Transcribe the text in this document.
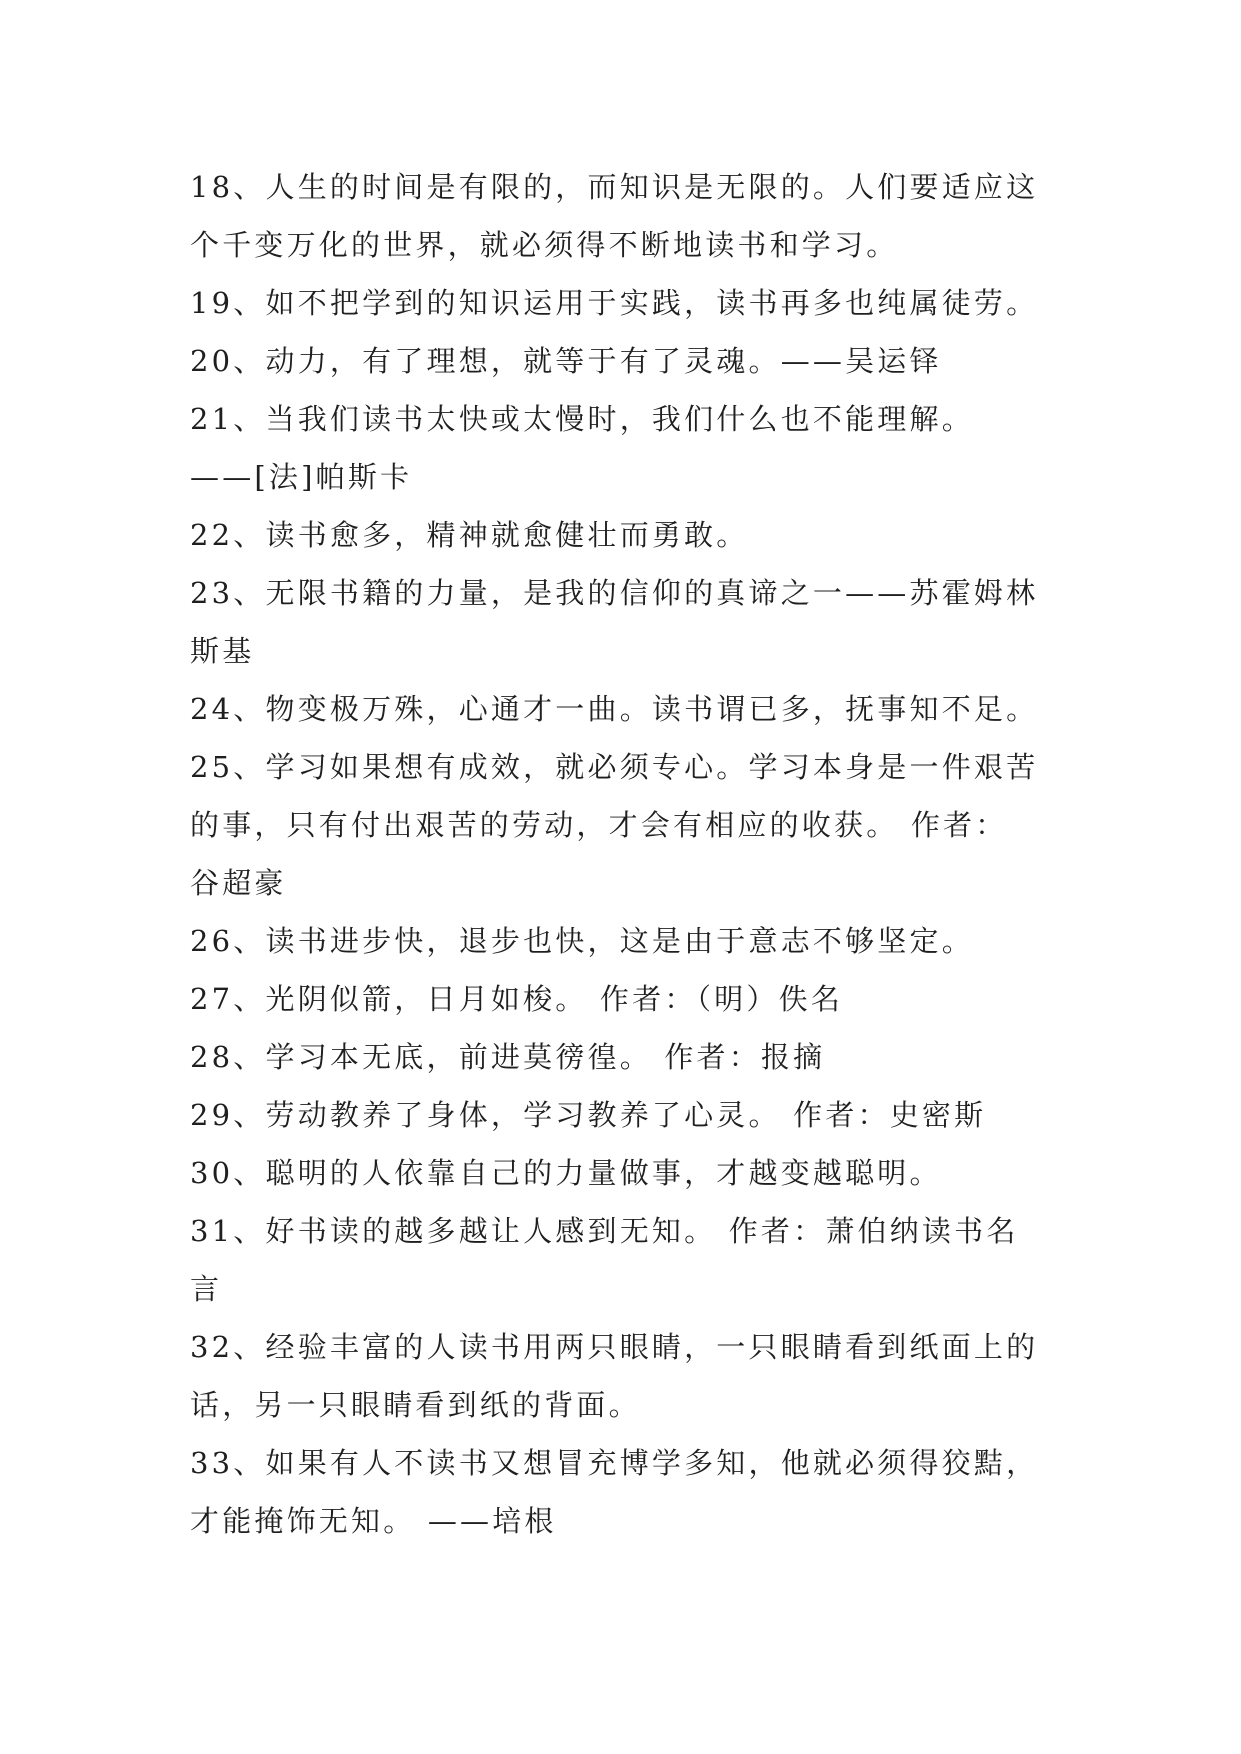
18、人生的时间是有限的，而知识是无限的。人们要适应这
个千变万化的世界，就必须得不断地读书和学习。
19、如不把学到的知识运用于实践，读书再多也纯属徒劳。
20、动力，有了理想，就等于有了灵魂。——吴运铎
21、当我们读书太快或太慢时，我们什么也不能理解。
——[法]帕斯卡
22、读书愈多，精神就愈健壮而勇敢。
23、无限书籍的力量，是我的信仰的真谛之一——苏霍姆林
斯基
24、物变极万殊，心通才一曲。读书谓已多，抚事知不足。
25、学习如果想有成效，就必须专心。学习本身是一件艰苦
的事，只有付出艰苦的劳动，才会有相应的收获。 作者：
谷超豪
26、读书进步快，退步也快，这是由于意志不够坚定。
27、光阴似箭，日月如梭。 作者：（明）佚名
28、学习本无底，前进莫徬徨。 作者：报摘
29、劳动教养了身体，学习教养了心灵。 作者：史密斯
30、聪明的人依靠自己的力量做事，才越变越聪明。
31、好书读的越多越让人感到无知。 作者：萧伯纳读书名
言
32、经验丰富的人读书用两只眼睛，一只眼睛看到纸面上的
话，另一只眼睛看到纸的背面。
33、如果有人不读书又想冒充博学多知，他就必须得狡黠，
才能掩饰无知。 ——培根
